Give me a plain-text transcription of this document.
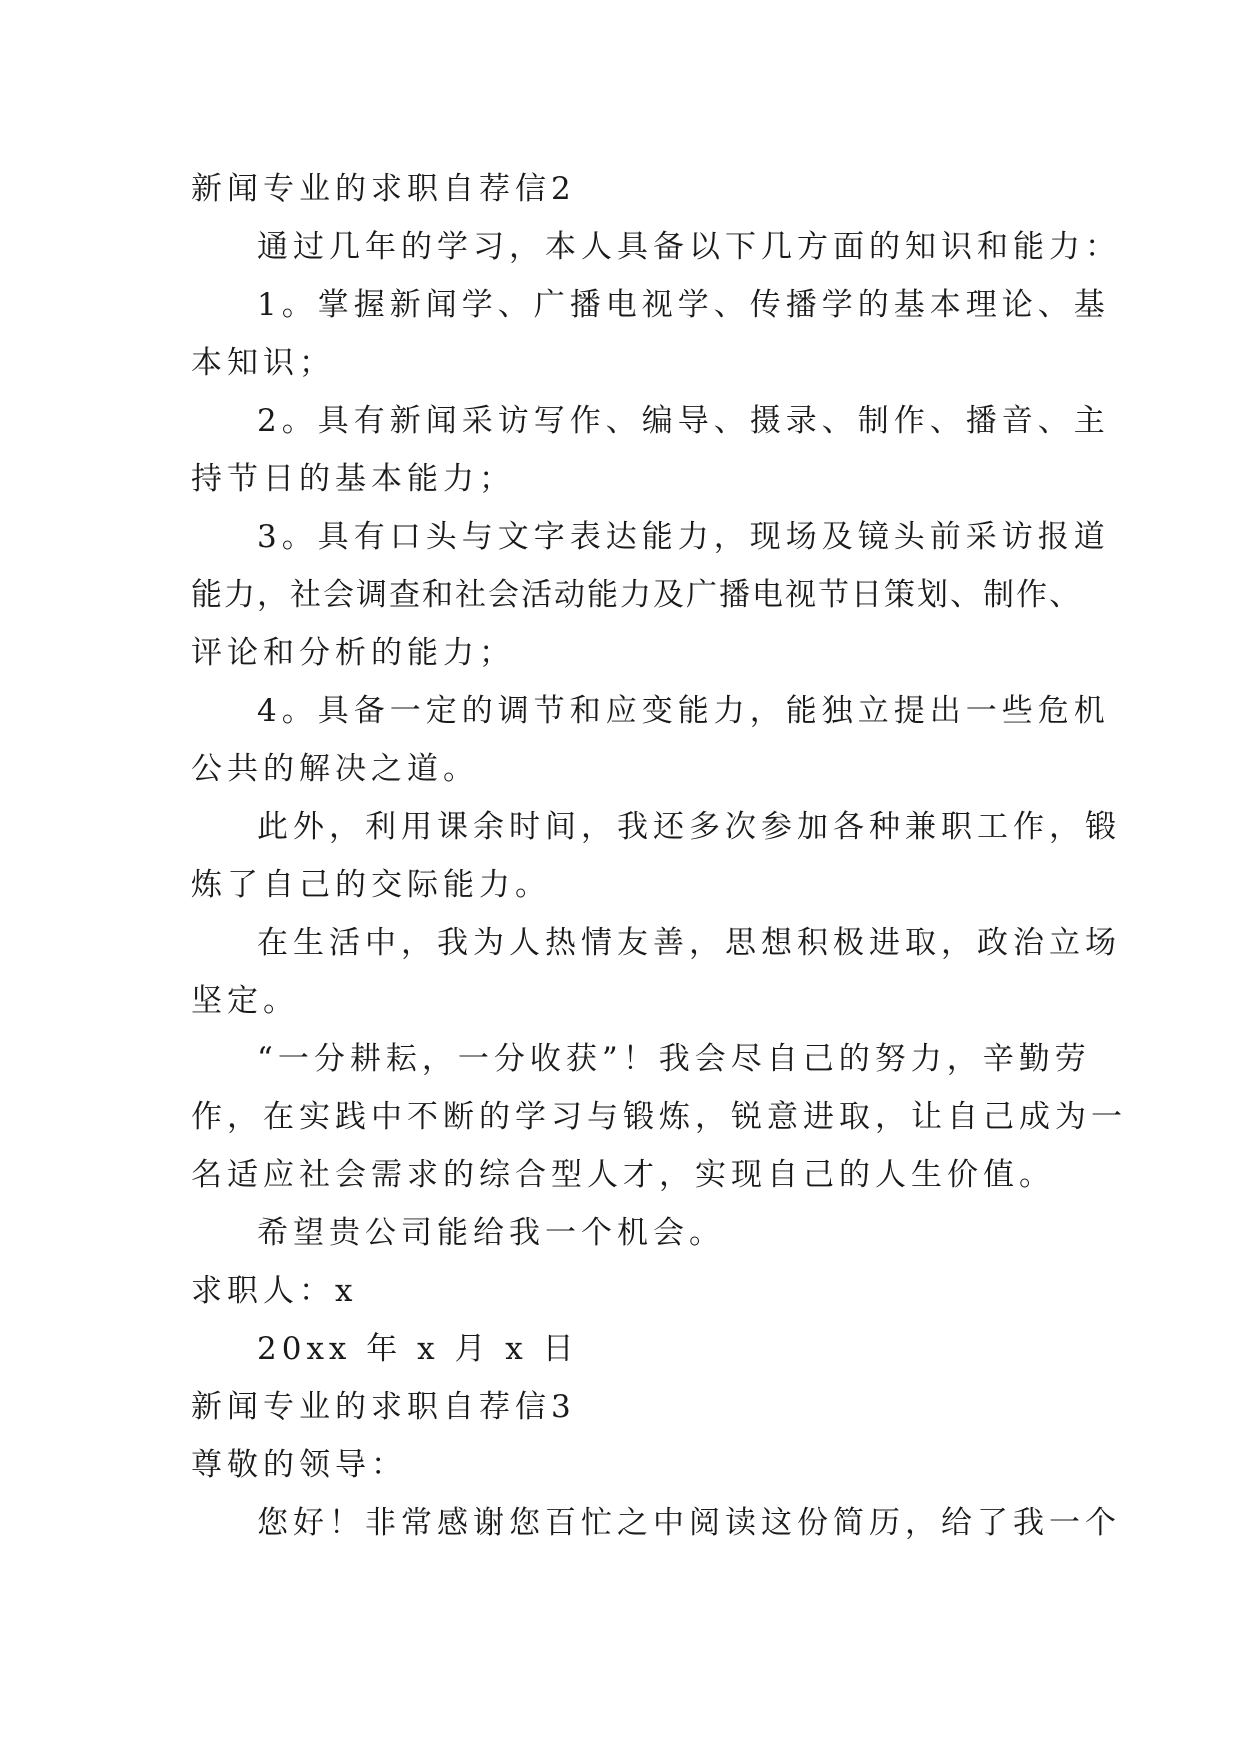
新闻专业的求职自荐信2
通过几年的学习，本人具备以下几方面的知识和能力：
1。掌握新闻学、广播电视学、传播学的基本理论、基
本知识；
2。具有新闻采访写作、编导、摄录、制作、播音、主
持节日的基本能力；
3。具有口头与文字表达能力，现场及镜头前采访报道
能力，社会调查和社会活动能力及广播电视节日策划、制作、
评论和分析的能力；
4。具备一定的调节和应变能力，能独立提出一些危机
公共的解决之道。
此外，利用课余时间，我还多次参加各种兼职工作，锻
炼了自己的交际能力。
在生活中，我为人热情友善，思想积极进取，政治立场
坚定。
“一分耕耘，一分收获”！我会尽自己的努力，辛勤劳
作，在实践中不断的学习与锻炼，锐意进取，让自己成为一
名适应社会需求的综合型人才，实现自己的人生价值。
希望贵公司能给我一个机会。
求职人：x
20xx 年 x 月 x 日
新闻专业的求职自荐信3
尊敬的领导：
您好！非常感谢您百忙之中阅读这份简历，给了我一个
